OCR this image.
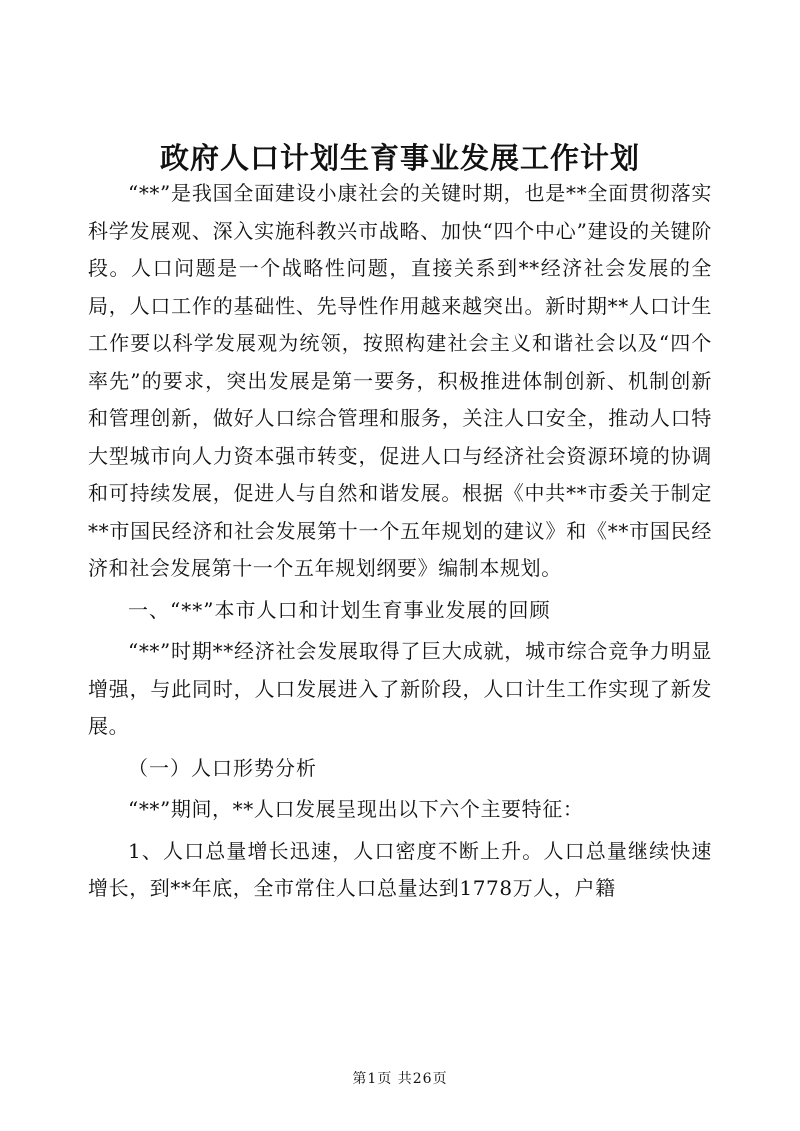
政府人口计划生育事业发展工作计划

“**”是我国全面建设小康社会的关键时期，也是**全面贯彻落实科学发展观、深入实施科教兴市战略、加快“四个中心”建设的关键阶段。人口问题是一个战略性问题，直接关系到**经济社会发展的全局，人口工作的基础性、先导性作用越来越突出。新时期**人口计生工作要以科学发展观为统领，按照构建社会主义和谐社会以及“四个率先”的要求，突出发展是第一要务，积极推进体制创新、机制创新和管理创新，做好人口综合管理和服务，关注人口安全，推动人口特大型城市向人力资本强市转变，促进人口与经济社会资源环境的协调和可持续发展，促进人与自然和谐发展。根据《中共**市委关于制定**市国民经济和社会发展第十一个五年规划的建议》和《**市国民经济和社会发展第十一个五年规划纲要》编制本规划。

一、“**”本市人口和计划生育事业发展的回顾

“**”时期**经济社会发展取得了巨大成就，城市综合竞争力明显增强，与此同时，人口发展进入了新阶段，人口计生工作实现了新发展。

（一）人口形势分析

“**”期间，**人口发展呈现出以下六个主要特征：

1、人口总量增长迅速，人口密度不断上升。人口总量继续快速增长，到**年底，全市常住人口总量达到1778万人，户籍

第1页 共26页
